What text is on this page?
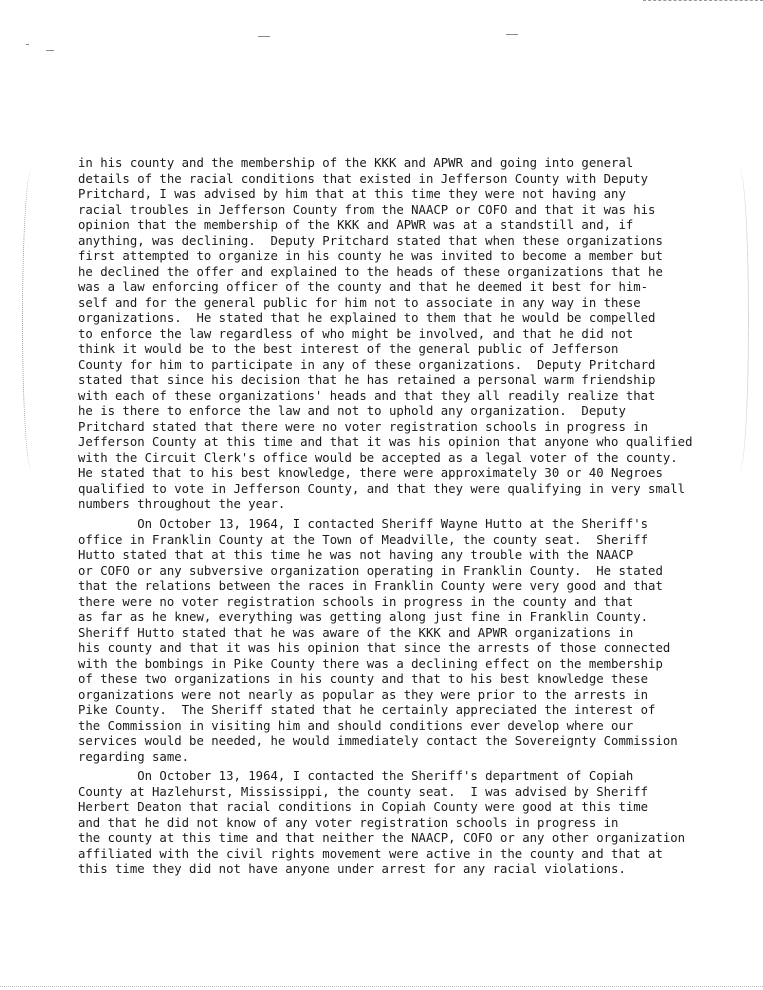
in his county and the membership of the KKK and APWR and going into general
details of the racial conditions that existed in Jefferson County with Deputy
Pritchard, I was advised by him that at this time they were not having any
racial troubles in Jefferson County from the NAACP or COFO and that it was his
opinion that the membership of the KKK and APWR was at a standstill and, if
anything, was declining.  Deputy Pritchard stated that when these organizations
first attempted to organize in his county he was invited to become a member but
he declined the offer and explained to the heads of these organizations that he
was a law enforcing officer of the county and that he deemed it best for him-
self and for the general public for him not to associate in any way in these
organizations.  He stated that he explained to them that he would be compelled
to enforce the law regardless of who might be involved, and that he did not
think it would be to the best interest of the general public of Jefferson
County for him to participate in any of these organizations.  Deputy Pritchard
stated that since his decision that he has retained a personal warm friendship
with each of these organizations' heads and that they all readily realize that
he is there to enforce the law and not to uphold any organization.  Deputy
Pritchard stated that there were no voter registration schools in progress in
Jefferson County at this time and that it was his opinion that anyone who qualified
with the Circuit Clerk's office would be accepted as a legal voter of the county.
He stated that to his best knowledge, there were approximately 30 or 40 Negroes
qualified to vote in Jefferson County, and that they were qualifying in very small
numbers throughout the year.
On October 13, 1964, I contacted Sheriff Wayne Hutto at the Sheriff's
office in Franklin County at the Town of Meadville, the county seat.  Sheriff
Hutto stated that at this time he was not having any trouble with the NAACP
or COFO or any subversive organization operating in Franklin County.  He stated
that the relations between the races in Franklin County were very good and that
there were no voter registration schools in progress in the county and that
as far as he knew, everything was getting along just fine in Franklin County.
Sheriff Hutto stated that he was aware of the KKK and APWR organizations in
his county and that it was his opinion that since the arrests of those connected
with the bombings in Pike County there was a declining effect on the membership
of these two organizations in his county and that to his best knowledge these
organizations were not nearly as popular as they were prior to the arrests in
Pike County.  The Sheriff stated that he certainly appreciated the interest of
the Commission in visiting him and should conditions ever develop where our
services would be needed, he would immediately contact the Sovereignty Commission
regarding same.
On October 13, 1964, I contacted the Sheriff's department of Copiah
County at Hazlehurst, Mississippi, the county seat.  I was advised by Sheriff
Herbert Deaton that racial conditions in Copiah County were good at this time
and that he did not know of any voter registration schools in progress in
the county at this time and that neither the NAACP, COFO or any other organization
affiliated with the civil rights movement were active in the county and that at
this time they did not have anyone under arrest for any racial violations.
